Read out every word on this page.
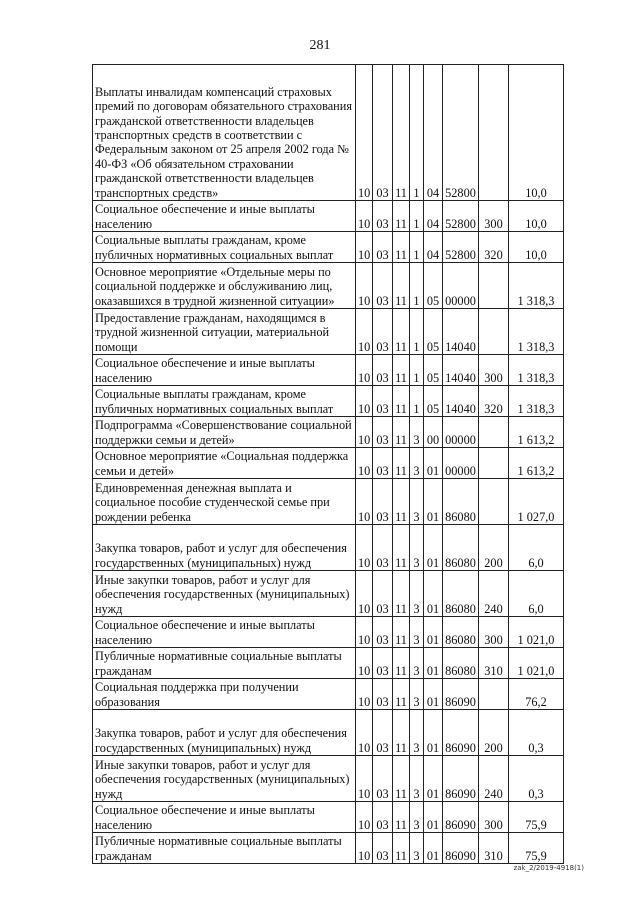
281
Выплаты инвалидам компенсаций страховых премий по договорам обязательного страхования гражданской ответственности владельцев транспортных средств в соответствии с Федеральным законом от 25 апреля 2002 года № 40-ФЗ «Об обязательном страховании гражданской ответственности владельцев транспортных средств»	10	03	11	1	04	52800		10,0
Социальное обеспечение и иные выплаты населению	10	03	11	1	04	52800	300	10,0
Социальные выплаты гражданам, кроме публичных нормативных социальных выплат	10	03	11	1	04	52800	320	10,0
Основное мероприятие «Отдельные меры по социальной поддержке и обслуживанию лиц, оказавшихся в трудной жизненной ситуации»	10	03	11	1	05	00000		1 318,3
Предоставление гражданам, находящимся в трудной жизненной ситуации, материальной помощи	10	03	11	1	05	14040		1 318,3
Социальное обеспечение и иные выплаты населению	10	03	11	1	05	14040	300	1 318,3
Социальные выплаты гражданам, кроме публичных нормативных социальных выплат	10	03	11	1	05	14040	320	1 318,3
Подпрограмма «Совершенствование социальной поддержки семьи и детей»	10	03	11	3	00	00000		1 613,2
Основное мероприятие «Социальная поддержка семьи и детей»	10	03	11	3	01	00000		1 613,2
Единовременная денежная выплата и социальное пособие студенческой семье при рождении ребенка	10	03	11	3	01	86080		1 027,0
Закупка товаров, работ и услуг для обеспечения государственных (муниципальных) нужд	10	03	11	3	01	86080	200	6,0
Иные закупки товаров, работ и услуг для обеспечения государственных (муниципальных) нужд	10	03	11	3	01	86080	240	6,0
Социальное обеспечение и иные выплаты населению	10	03	11	3	01	86080	300	1 021,0
Публичные нормативные социальные выплаты гражданам	10	03	11	3	01	86080	310	1 021,0
Социальная поддержка при получении образования	10	03	11	3	01	86090		76,2
Закупка товаров, работ и услуг для обеспечения государственных (муниципальных) нужд	10	03	11	3	01	86090	200	0,3
Иные закупки товаров, работ и услуг для обеспечения государственных (муниципальных) нужд	10	03	11	3	01	86090	240	0,3
Социальное обеспечение и иные выплаты населению	10	03	11	3	01	86090	300	75,9
Публичные нормативные социальные выплаты гражданам	10	03	11	3	01	86090	310	75,9
zak_2/2019-4918(1)
